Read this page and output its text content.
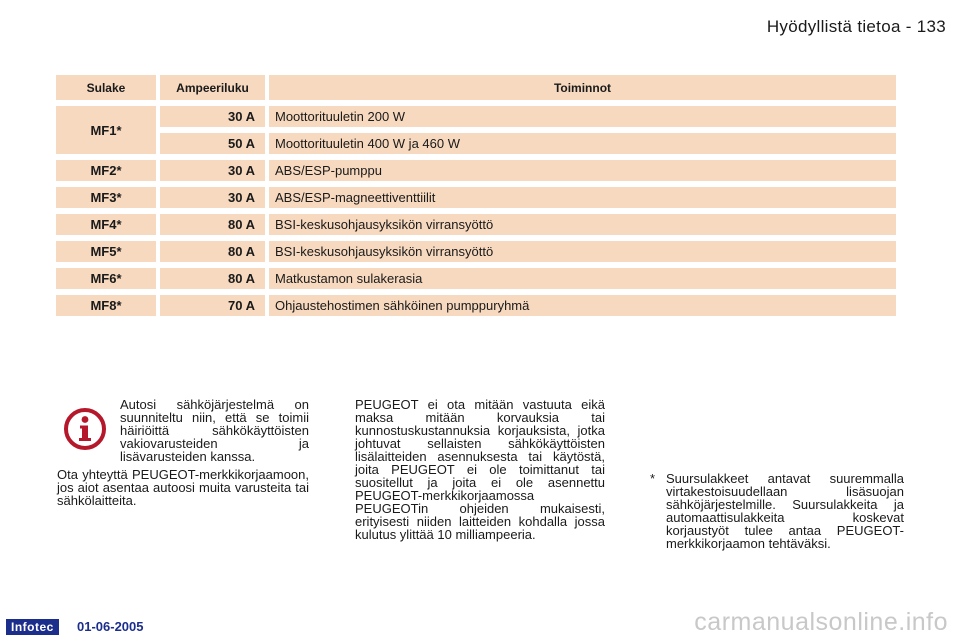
Hyödyllistä tietoa - 133
Sulake	Ampeeriluku	Toiminnot
MF1*	30 A	Moottorituuletin 200 W
	50 A	Moottorituuletin 400 W ja 460 W
MF2*	30 A	ABS/ESP-pumppu
MF3*	30 A	ABS/ESP-magneettiventtiilit
MF4*	80 A	BSI-keskusohjausyksikön virransyöttö
MF5*	80 A	BSI-keskusohjausyksikön virransyöttö
MF6*	80 A	Matkustamon sulakerasia
MF8*	70 A	Ohjaustehostimen sähköinen pumppuryhmä
Autosi sähköjärjestelmä on suunniteltu niin, että se toimii häiriöittä sähkökäyttöisten vakiovarusteiden ja lisävarusteiden kanssa.
Ota yhteyttä PEUGEOT-merkkikorjaamoon, jos aiot asentaa autoosi muita varusteita tai sähkölaitteita.
PEUGEOT ei ota mitään vastuuta eikä maksa mitään korvauksia tai kunnostuskustannuksia korjauksista, jotka johtuvat sellaisten sähkökäyttöisten lisälaitteiden asennuksesta tai käytöstä, joita PEUGEOT ei ole toimittanut tai suositellut ja joita ei ole asennettu PEUGEOT-merkkikorjaamossa PEUGEOTin ohjeiden mukaisesti, erityisesti niiden laitteiden kohdalla jossa kulutus ylittää 10 milliampeeria.
* Suursulakkeet antavat suuremmalla virtakestoisuudellaan lisäsuojan sähköjärjestelmille. Suursulakkeita ja automaattisulakkeita koskevat korjaustyöt tulee antaa PEUGEOT-merkkikorjaamon tehtäväksi.
Infotec	01-06-2005	carmanualsonline.info
